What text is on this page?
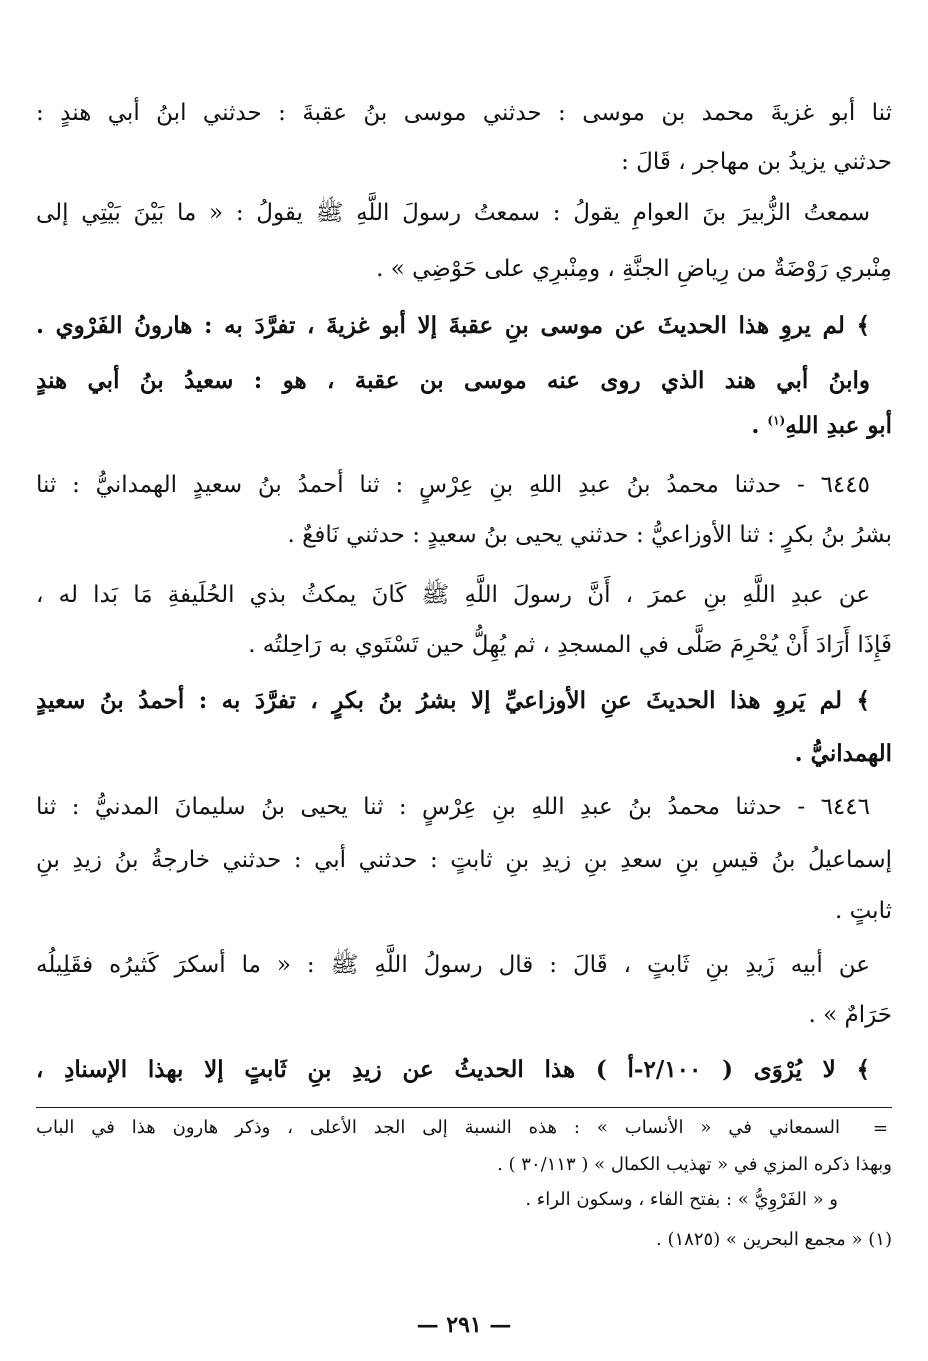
ثنا أبو غزيةَ محمد بن موسى : حدثني موسى بنُ عقبةَ : حدثني ابنُ أبي هندٍ :
حدثني يزيدُ بن مهاجر ، قَالَ :
سمعتُ الزُّبيرَ بنَ العوامِ يقولُ : سمعتُ رسولَ اللَّهِ ﷺ يقولُ : « ما بَيْنَ بَيْتِي إلى
مِنْبري رَوْضَةٌ من رِياضِ الجنَّةِ ، ومِنْبرِي على حَوْضِي » .
﴾ لم يروِ هذا الحديثَ عن موسى بنِ عقبةَ إلا أبو غزيةَ ، تفرَّدَ به : هارونُ الفَرْوي .
وابنُ أبي هند الذي روى عنه موسى بن عقبة ، هو : سعيدُ بنُ أبي هندٍ
أبو عبدِ اللهِ$^{(١)}$ .
٦٤٤٥ - حدثنا محمدُ بنُ عبدِ اللهِ بنِ عِرْسٍ : ثنا أحمدُ بنُ سعيدٍ الهمدانيُّ : ثنا
بشرُ بنُ بكرٍ : ثنا الأوزاعيُّ : حدثني يحيى بنُ سعيدٍ : حدثني نَافعٌ .
عن عبدِ اللَّهِ بنِ عمرَ ، أَنَّ رسولَ اللَّهِ ﷺ كَانَ يمكثُ بذي الحُلَيفةِ مَا بَدا له ،
فَإِذَا أَرَادَ أَنْ يُحْرِمَ صَلَّى في المسجدِ ، ثم يُهِلُّ حين تَسْتَوي به رَاحِلتُه .
﴾ لم يَروِ هذا الحديثَ عنِ الأوزاعيِّ إلا بشرُ بنُ بكرٍ ، تفرَّدَ به : أحمدُ بنُ سعيدٍ
الهمدانيُّ .
٦٤٤٦ - حدثنا محمدُ بنُ عبدِ اللهِ بنِ عِرْسٍ : ثنا يحيى بنُ سليمانَ المدنيُّ : ثنا
إسماعيلُ بنُ قيسِ بنِ سعدِ بنِ زيدِ بنِ ثابتٍ : حدثني أبي : حدثني خارجةُ بنُ زيدِ بنِ
ثابتٍ .
عن أبيه زَيدِ بنِ ثَابتٍ ، قَالَ : قال رسولُ اللَّهِ ﷺ : « ما أسكرَ كَثيرُه فقَلِيلُه
حَرَامٌ » .
﴾ لا يُرْوَى ( ٢/١٠٠-أ ) هذا الحديثُ عن زيدِ بنِ ثَابتٍ إلا بهذا الإسنادِ ،
=
السمعاني في « الأنساب » : هذه النسبة إلى الجد الأعلى ، وذكر هارون هذا في الباب
وبهذا ذكره المزي في « تهذيب الكمال » ( ٣٠/١١٣ ) .
و « الفَرْوِيُّ » : بفتح الفاء ، وسكون الراء .
(١) « مجمع البحرين » (١٨٢٥) .
— ٢٩١ —
